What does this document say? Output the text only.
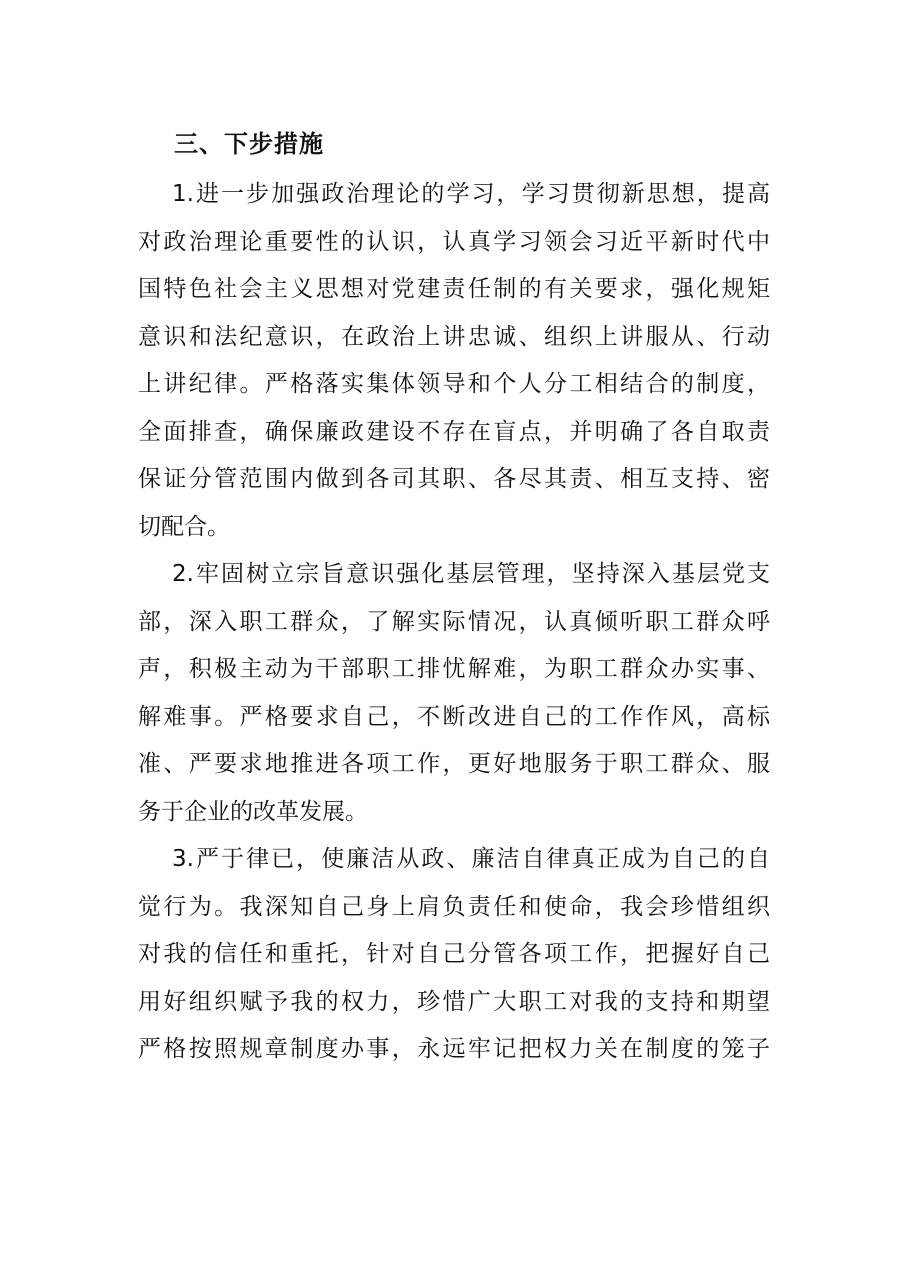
三、下步措施
1.进一步加强政治理论的学习，学习贯彻新思想，提高
对政治理论重要性的认识，认真学习领会习近平新时代中
国特色社会主义思想对党建责任制的有关要求，强化规矩
意识和法纪意识，在政治上讲忠诚、组织上讲服从、行动
上讲纪律。严格落实集体领导和个人分工相结合的制度，
全面排查，确保廉政建设不存在盲点，并明确了各自取责
保证分管范围内做到各司其职、各尽其责、相互支持、密
切配合。
2.牢固树立宗旨意识强化基层管理，坚持深入基层党支
部，深入职工群众，了解实际情况，认真倾听职工群众呼
声，积极主动为干部职工排忧解难，为职工群众办实事、
解难事。严格要求自己，不断改进自己的工作作风，高标
准、严要求地推进各项工作，更好地服务于职工群众、服
务于企业的改革发展。
3.严于律已，使廉洁从政、廉洁自律真正成为自己的自
觉行为。我深知自己身上肩负责任和使命，我会珍惜组织
对我的信任和重托，针对自己分管各项工作，把握好自己
用好组织赋予我的权力，珍惜广大职工对我的支持和期望
严格按照规章制度办事，永远牢记把权力关在制度的笼子
